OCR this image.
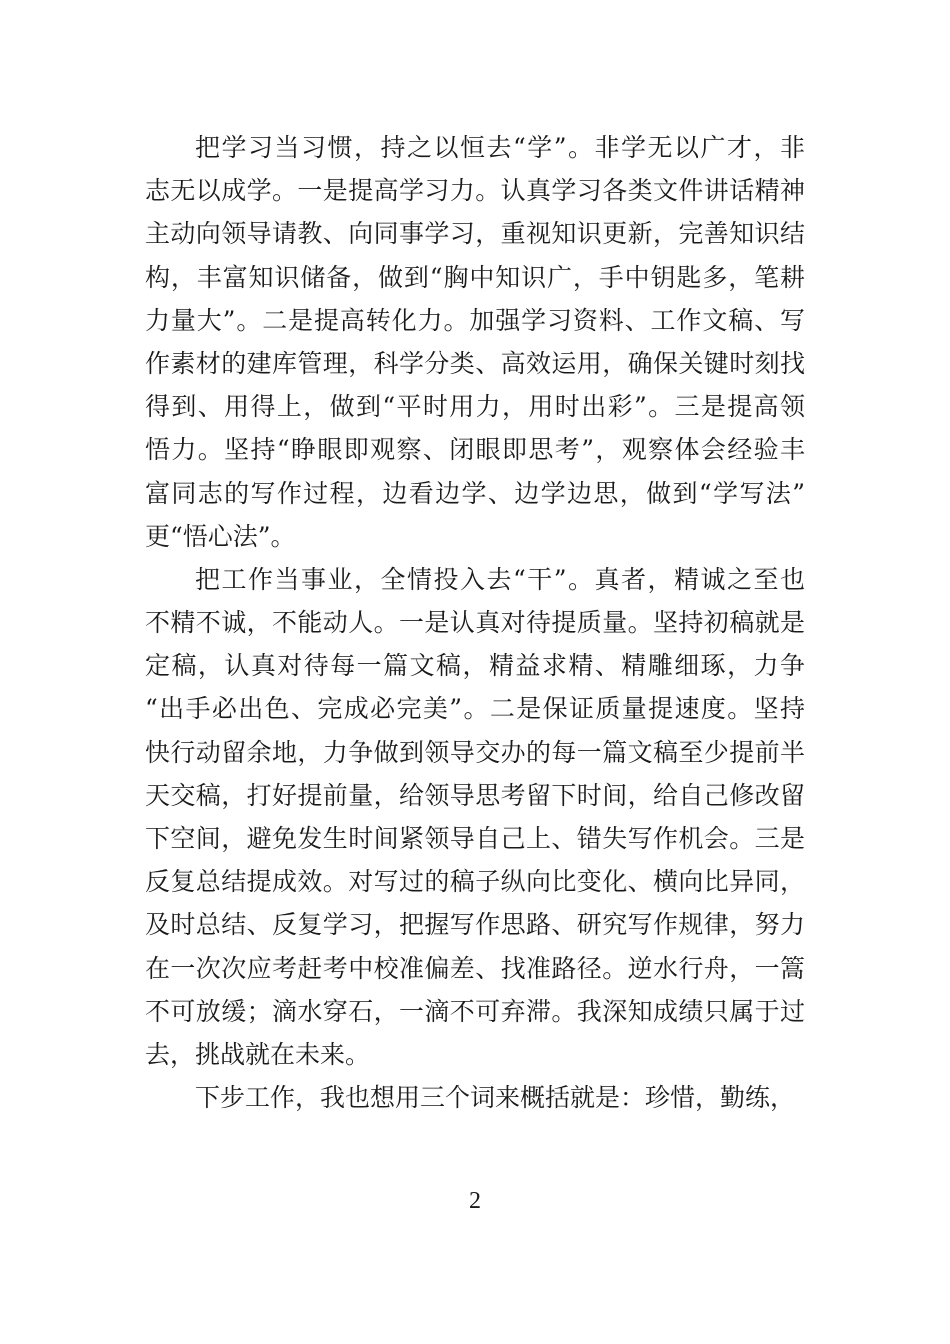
把学习当习惯，持之以恒去“学”。非学无以广才，非
志无以成学。一是提高学习力。认真学习各类文件讲话精神
主动向领导请教、向同事学习，重视知识更新，完善知识结
构，丰富知识储备，做到“胸中知识广，手中钥匙多，笔耕
力量大”。二是提高转化力。加强学习资料、工作文稿、写
作素材的建库管理，科学分类、高效运用，确保关键时刻找
得到、用得上，做到“平时用力，用时出彩”。三是提高领
悟力。坚持“睁眼即观察、闭眼即思考”，观察体会经验丰
富同志的写作过程，边看边学、边学边思，做到“学写法”
更“悟心法”。
把工作当事业，全情投入去“干”。真者，精诚之至也
不精不诚，不能动人。一是认真对待提质量。坚持初稿就是
定稿，认真对待每一篇文稿，精益求精、精雕细琢，力争
“出手必出色、完成必完美”。二是保证质量提速度。坚持
快行动留余地，力争做到领导交办的每一篇文稿至少提前半
天交稿，打好提前量，给领导思考留下时间，给自己修改留
下空间，避免发生时间紧领导自己上、错失写作机会。三是
反复总结提成效。对写过的稿子纵向比变化、横向比异同，
及时总结、反复学习，把握写作思路、研究写作规律，努力
在一次次应考赶考中校准偏差、找准路径。逆水行舟，一篙
不可放缓；滴水穿石，一滴不可弃滞。我深知成绩只属于过
去，挑战就在未来。
下步工作，我也想用三个词来概括就是：珍惜，勤练，
2
